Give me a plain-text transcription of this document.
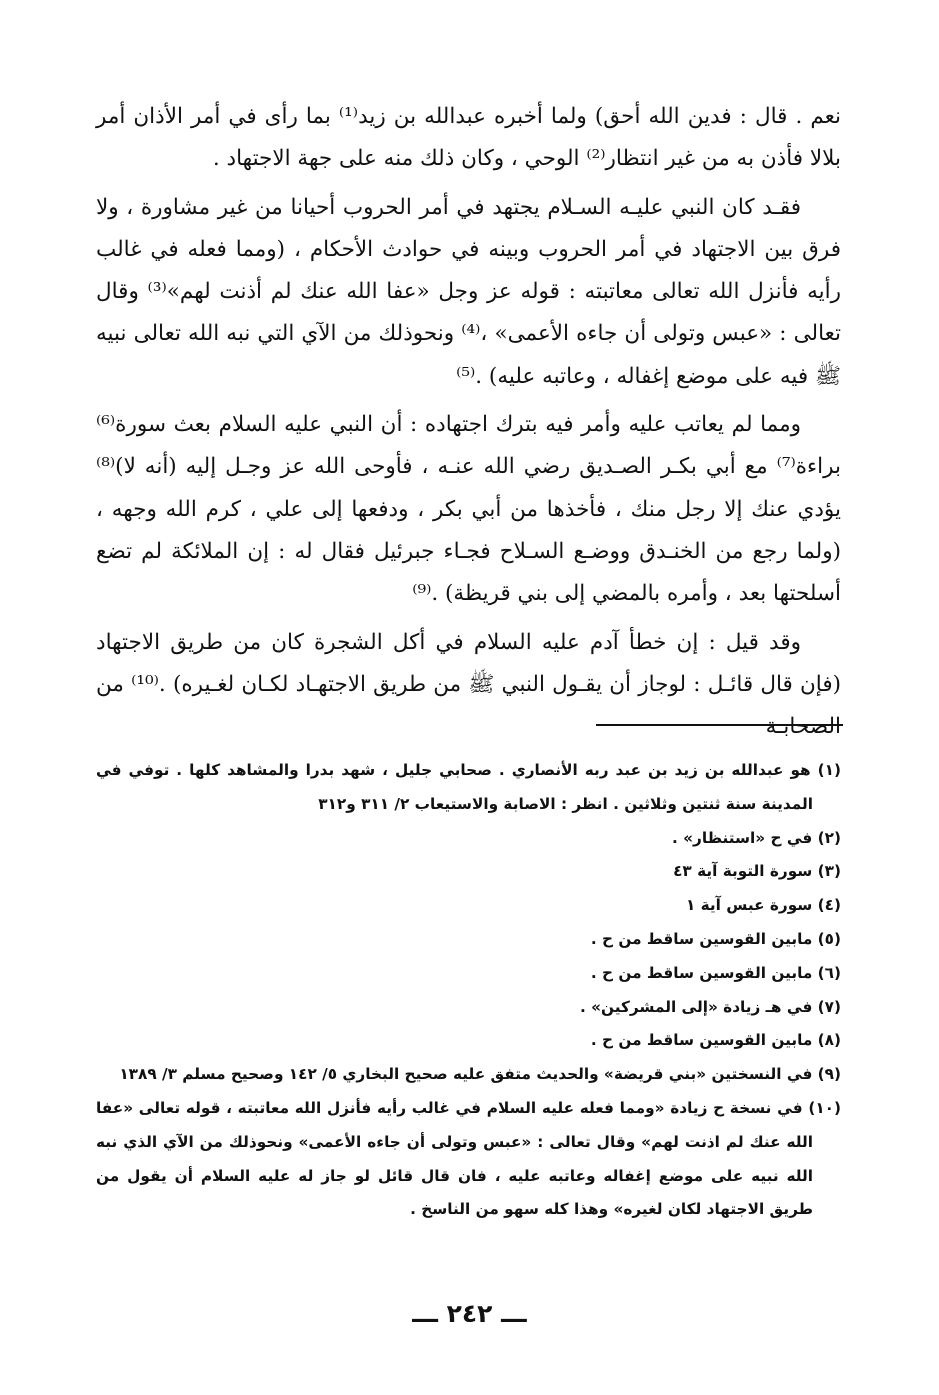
نعم . قال : فدين الله أحق) ولما أخبره عبدالله بن زيد⁽¹⁾ بما رأى في أمر الأذان أمر بلالا فأذن به من غير انتظار⁽²⁾ الوحي ، وكان ذلك منه على جهة الاجتهاد .

فقـد كان النبي عليـه السـلام يجتهد في أمر الحروب أحيانا من غير مشاورة ، ولا فرق بين الاجتهاد في أمر الحروب وبينه في حوادث الأحكام ، (ومما فعله في غالب رأيه فأنزل الله تعالى معاتبته : قوله عز وجل «عفا الله عنك لم أذنت لهم»⁽³⁾ وقال تعالى : «عبس وتولى أن جاءه الأعمى» ،⁽⁴⁾ ونحوذلك من الآي التي نبه الله تعالى نبيه ﷺ فيه على موضع إغفاله ، وعاتبه عليه) .⁽⁵⁾

ومما لم يعاتب عليه وأمر فيه بترك اجتهاده : أن النبي عليه السلام بعث سورة⁽⁶⁾ براءة⁽⁷⁾ مع أبي بكـر الصـديق رضي الله عنـه ، فأوحى الله عز وجـل إليه (أنه لا)⁽⁸⁾ يؤدي عنك إلا رجل منك ، فأخذها من أبي بكر ، ودفعها إلى علي ، كرم الله وجهه ، (ولما رجع من الخنـدق ووضـع السـلاح فجـاء جبرئيل فقال له : إن الملائكة لم تضع أسلحتها بعد ، وأمره بالمضي إلى بني قريظة) .⁽⁹⁾

وقد قيل : إن خطأ آدم عليه السلام في أكل الشجرة كان من طريق الاجتهاد (فإن قال قائـل : لوجاز أن يقـول النبي ﷺ من طريق الاجتهـاد لكـان لغـيره) .⁽¹⁰⁾ من الصحابـة

(١) هو عبدالله بن زيد بن عبد ربه الأنصاري . صحابي جليل ، شهد بدرا والمشاهد كلها . توفي في المدينة سنة ثنتين وثلاثين . انظر : الاصابة والاستيعاب ٢/ ٣١١ و٣١٢

(٢) في ح «استنظار» .

(٣) سورة التوبة آية ٤٣

(٤) سورة عبس آية ١

(٥) مابين القوسين ساقط من ح .

(٦) مابين القوسين ساقط من ح .

(٧) في هـ زيادة «إلى المشركين» .

(٨) مابين القوسين ساقط من ح .

(٩) في النسختين «بني قريضة» والحديث متفق عليه صحيح البخاري ٥/ ١٤٢ وصحيح مسلم ٣/ ١٣٨٩

(١٠) في نسخة ح زيادة «ومما فعله عليه السلام في غالب رأيه فأنزل الله معاتبته ، قوله تعالى «عفا الله عنك لم اذنت لهم» وقال تعالى : «عبس وتولى أن جاءه الأعمى» ونحوذلك من الآي الذي نبه الله نبيه على موضع إغفاله وعاتبه عليه ، فان قال قائل لو جاز له عليه السلام أن يقول من طريق الاجتهاد لكان لغيره» وهذا كله سهو من الناسخ .

ـــ ٢٤٢ ـــ
